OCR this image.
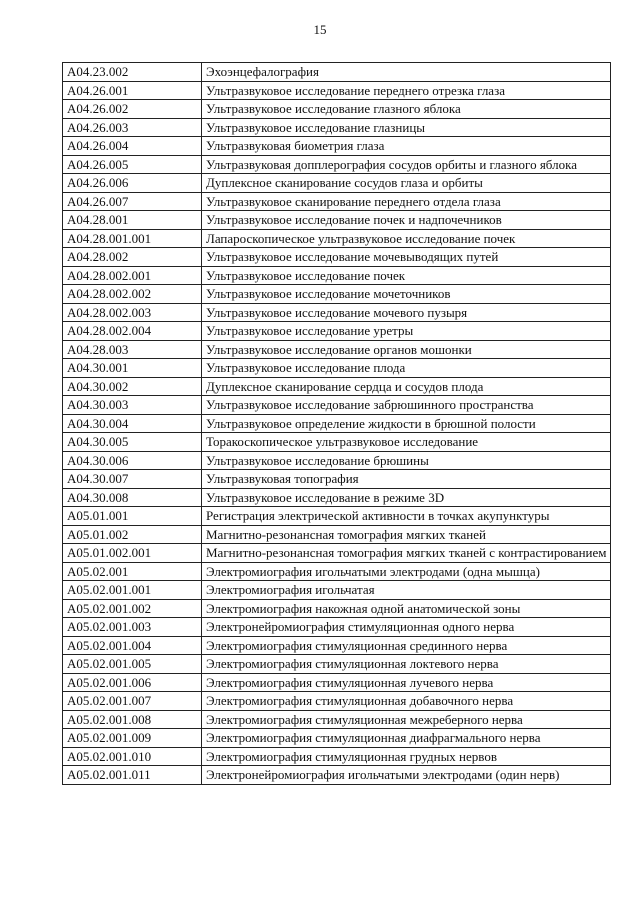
15
A04.23.002	Эхоэнцефалография
A04.26.001	Ультразвуковое исследование переднего отрезка глаза
A04.26.002	Ультразвуковое исследование глазного яблока
A04.26.003	Ультразвуковое исследование глазницы
A04.26.004	Ультразвуковая биометрия глаза
A04.26.005	Ультразвуковая допплерография сосудов орбиты и глазного яблока
A04.26.006	Дуплексное сканирование сосудов глаза и орбиты
A04.26.007	Ультразвуковое сканирование переднего отдела глаза
A04.28.001	Ультразвуковое исследование почек и надпочечников
A04.28.001.001	Лапароскопическое ультразвуковое исследование почек
A04.28.002	Ультразвуковое исследование мочевыводящих путей
A04.28.002.001	Ультразвуковое исследование почек
A04.28.002.002	Ультразвуковое исследование мочеточников
A04.28.002.003	Ультразвуковое исследование мочевого пузыря
A04.28.002.004	Ультразвуковое исследование уретры
A04.28.003	Ультразвуковое исследование органов мошонки
A04.30.001	Ультразвуковое исследование плода
A04.30.002	Дуплексное сканирование сердца и сосудов плода
A04.30.003	Ультразвуковое исследование забрюшинного пространства
A04.30.004	Ультразвуковое определение жидкости в брюшной полости
A04.30.005	Торакоскопическое ультразвуковое исследование
A04.30.006	Ультразвуковое исследование брюшины
A04.30.007	Ультразвуковая топография
A04.30.008	Ультразвуковое исследование в режиме 3D
A05.01.001	Регистрация электрической активности в точках акупунктуры
A05.01.002	Магнитно-резонансная томография мягких тканей
A05.01.002.001	Магнитно-резонансная томография мягких тканей с контрастированием
A05.02.001	Электромиография игольчатыми электродами (одна мышца)
A05.02.001.001	Электромиография игольчатая
A05.02.001.002	Электромиография накожная одной анатомической зоны
A05.02.001.003	Электронейромиография стимуляционная одного нерва
A05.02.001.004	Электромиография стимуляционная срединного нерва
A05.02.001.005	Электромиография стимуляционная локтевого нерва
A05.02.001.006	Электромиография стимуляционная лучевого нерва
A05.02.001.007	Электромиография стимуляционная добавочного нерва
A05.02.001.008	Электромиография стимуляционная межреберного нерва
A05.02.001.009	Электромиография стимуляционная диафрагмального нерва
A05.02.001.010	Электромиография стимуляционная грудных нервов
A05.02.001.011	Электронейромиография игольчатыми электродами (один нерв)
